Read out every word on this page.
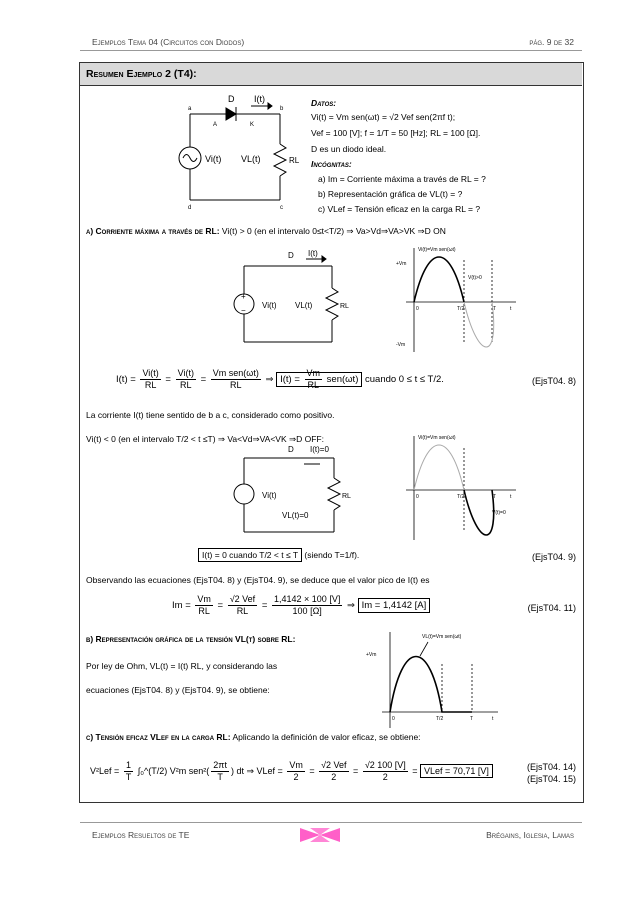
Ejemplos Tema 04 (Circuitos con Diodos)	pág. 9 de 32
Resumen Ejemplo 2 (T4):
D I(t)
a	b
c
d
A	K
Vi(t) VL(t)	RL
Datos:
Vi(t) = Vm sen(ωt) = √2 Vef sen(2πf t);
Vef = 100 [V]; f = 1/T = 50 [Hz]; RL = 100 [Ω].
D es un diodo ideal.
Incógnitas:
a) Im = Corriente máxima a través de RL = ?
b) Representación gráfica de VL(t) = ?
c) VLef = Tensión eficaz en la carga RL = ?
a) Corriente máxima a través de RL: Vi(t) > 0 (en el intervalo 0≤t<T/2) ⇒ Va>Vd⇒VA>VK ⇒D ON
D I(t)
+
−
Vi(t) VL(t)	RL
Vi(t)=Vm sen(ωt)
+Vm
-Vm
V(t)>0
0	T/2	T	t
$I(t) = \frac{Vi(t)}{RL} = \frac{Vi(t)}{RL} = \frac{\text{Vm sen(ωt)}}{RL}$ ⇒ $I(t) = \frac{Vm}{RL} sen(\omega t)$ cuando 0 ≤ t ≤ T/2.	(EjsT04. 8)
La corriente I(t) tiene sentido de b a c, considerado como positivo.
Vi(t) < 0 (en el intervalo T/2 < t ≤T) ⇒ Va<Vd⇒VA<VK ⇒D OFF:
D I(t)=0
Vi(t)
VL(t)=0
RL
Vi(t)=Vm sen(ωt)
V(t)=0
0	T/2	T	t
I(t) = 0 cuando T/2 < t ≤ T (siendo T=1/f).	(EjsT04. 9)
Observando las ecuaciones (EjsT04. 8) y (EjsT04. 9), se deduce que el valor pico de I(t) es
$Im = \frac{Vm}{RL} = \frac{\text{√2 Vef}}{RL} = \frac{1,4142 \times 100 [V]}{100 [\Omega]}$ ⇒ Im = 1,4142 [A]	(EjsT04. 11)
b) Representación gráfica de la tensión VL(t) sobre RL:
Por ley de Ohm, VL(t) = I(t) RL, y considerando las
ecuaciones (EjsT04. 8) y (EjsT04. 9), se obtiene:
VL(t)=Vm sen(ωt)
+Vm
0	T/2	T	t
c) Tensión eficaz VLef en la carga RL: Aplicando la definición de valor eficaz, se obtiene:
$V^2Lef = \frac{1}{T}$ ∫₀^(T/2) V²m $sen^2( \frac{2\pi t}{T}$ ) dt ⇒ VLef = $\frac{Vm}{2} = \frac{\text{√2 Vef}}{2} = \frac{√2 100 [V]}{2}$ = VLef = 70,71 [V]	(EjsT04. 14)
(EjsT04. 15)
Ejemplos Resueltos de TE	Brégains, Iglesia, Lamas
